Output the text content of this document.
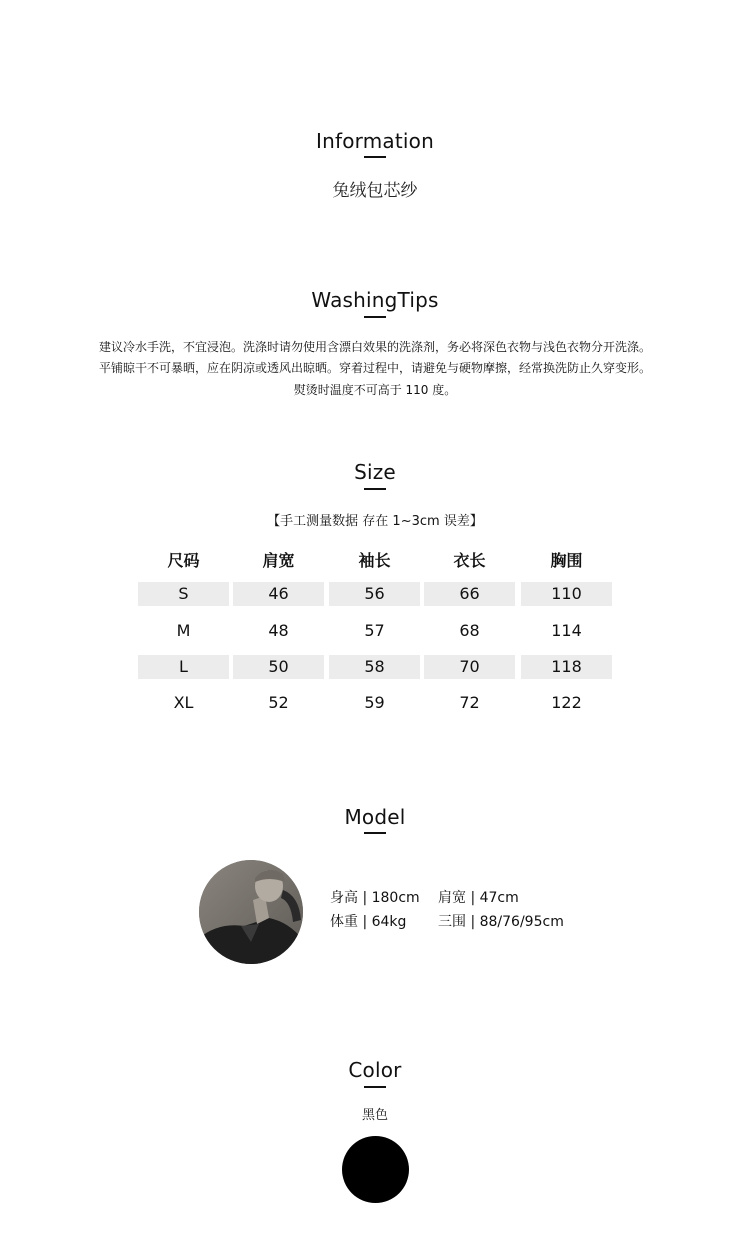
Information
兔绒包芯纱
WashingTips
建议冷水手洗，不宜浸泡。洗涤时请勿使用含漂白效果的洗涤剂，务必将深色衣物与浅色衣物分开洗涤。
平铺晾干不可暴晒，应在阴凉或透风出晾晒。穿着过程中，请避免与硬物摩擦，经常换洗防止久穿变形。
熨烫时温度不可高于 110 度。
Size
【手工测量数据 存在 1~3cm 误差】
尺码	肩宽	袖长	衣长	胸围
S	46	56	66	110
M	48	57	68	114
L	50	58	70	118
XL	52	59	72	122
Model
身高 | 180cm 肩宽 | 47cm
体重 | 64kg 三围 | 88/76/95cm
Color
黑色
